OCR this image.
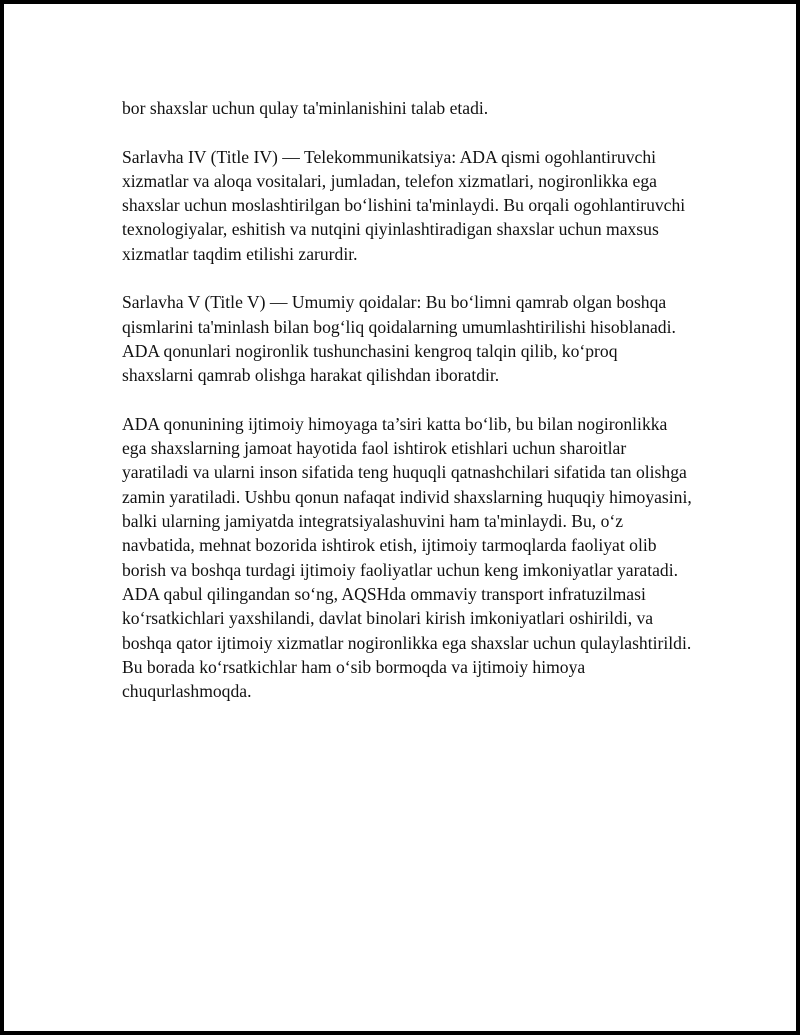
bor shaxslar uchun qulay ta'minlanishini talab etadi.

Sarlavha IV (Title IV) — Telekommunikatsiya: ADA qismi ogohlantiruvchi xizmatlar va aloqa vositalari, jumladan, telefon xizmatlari, nogironlikka ega shaxslar uchun moslashtirilgan bo‘lishini ta'minlaydi. Bu orqali ogohlantiruvchi texnologiyalar, eshitish va nutqini qiyinlashtiradigan shaxslar uchun maxsus xizmatlar taqdim etilishi zarurdir.

Sarlavha V (Title V) — Umumiy qoidalar: Bu bo‘limni qamrab olgan boshqa qismlarini ta'minlash bilan bog‘liq qoidalarning umumlashtirilishi hisoblanadi. ADA qonunlari nogironlik tushunchasini kengroq talqin qilib, ko‘proq shaxslarni qamrab olishga harakat qilishdan iboratdir.

ADA qonunining ijtimoiy himoyaga ta’siri katta bo‘lib, bu bilan nogironlikka ega shaxslarning jamoat hayotida faol ishtirok etishlari uchun sharoitlar yaratiladi va ularni inson sifatida teng huquqli qatnashchilari sifatida tan olishga zamin yaratiladi. Ushbu qonun nafaqat individ shaxslarning huquqiy himoyasini, balki ularning jamiyatda integratsiyalashuvini ham ta'minlaydi. Bu, o‘z navbatida, mehnat bozorida ishtirok etish, ijtimoiy tarmoqlarda faoliyat olib borish va boshqa turdagi ijtimoiy faoliyatlar uchun keng imkoniyatlar yaratadi. ADA qabul qilingandan so‘ng, AQSHda ommaviy transport infratuzilmasi ko‘rsatkichlari yaxshilandi, davlat binolari kirish imkoniyatlari oshirildi, va boshqa qator ijtimoiy xizmatlar nogironlikka ega shaxslar uchun qulaylashtirildi. Bu borada ko‘rsatkichlar ham o‘sib bormoqda va ijtimoiy himoya chuqurlashmoqda.
